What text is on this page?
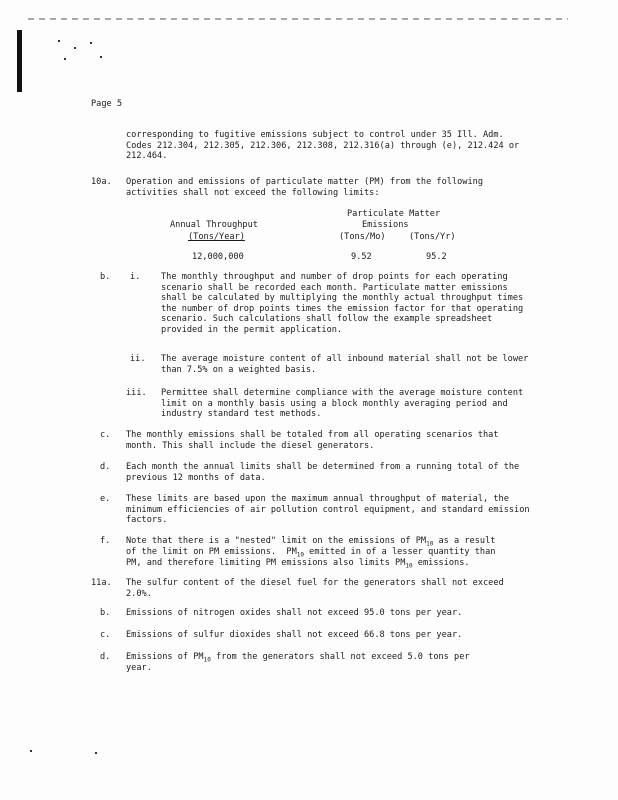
Page 5
corresponding to fugitive emissions subject to control under 35 Ill. Adm. Codes 212.304, 212.305, 212.306, 212.308, 212.316(a) through (e), 212.424 or 212.464.
10a. Operation and emissions of particulate matter (PM) from the following activities shall not exceed the following limits:
Particulate Matter
Annual Throughput	Emissions
(Tons/Year)	(Tons/Mo)	(Tons/Yr)
12,000,000	9.52	95.2
b. i. The monthly throughput and number of drop points for each operating scenario shall be recorded each month. Particulate matter emissions shall be calculated by multiplying the monthly actual throughput times the number of drop points times the emission factor for that operating scenario. Such calculations shall follow the example spreadsheet provided in the permit application.
ii. The average moisture content of all inbound material shall not be lower than 7.5% on a weighted basis.
iii. Permittee shall determine compliance with the average moisture content limit on a monthly basis using a block monthly averaging period and industry standard test methods.
c. The monthly emissions shall be totaled from all operating scenarios that month. This shall include the diesel generators.
d. Each month the annual limits shall be determined from a running total of the previous 12 months of data.
e. These limits are based upon the maximum annual throughput of material, the minimum efficiencies of air pollution control equipment, and standard emission factors.
f. Note that there is a "nested" limit on the emissions of $PM_{10}$ as a result
of the limit on PM emissions.  $PM_{10}$ emitted in of a lesser quantity than
PM, and therefore limiting PM emissions also limits $PM_{10}$ emissions.
11a. The sulfur content of the diesel fuel for the generators shall not exceed 2.0%.
b. Emissions of nitrogen oxides shall not exceed 95.0 tons per year.
c. Emissions of sulfur dioxides shall not exceed 66.8 tons per year.
d. Emissions of $PM_{10}$ from the generators shall not exceed 5.0 tons per
year.
